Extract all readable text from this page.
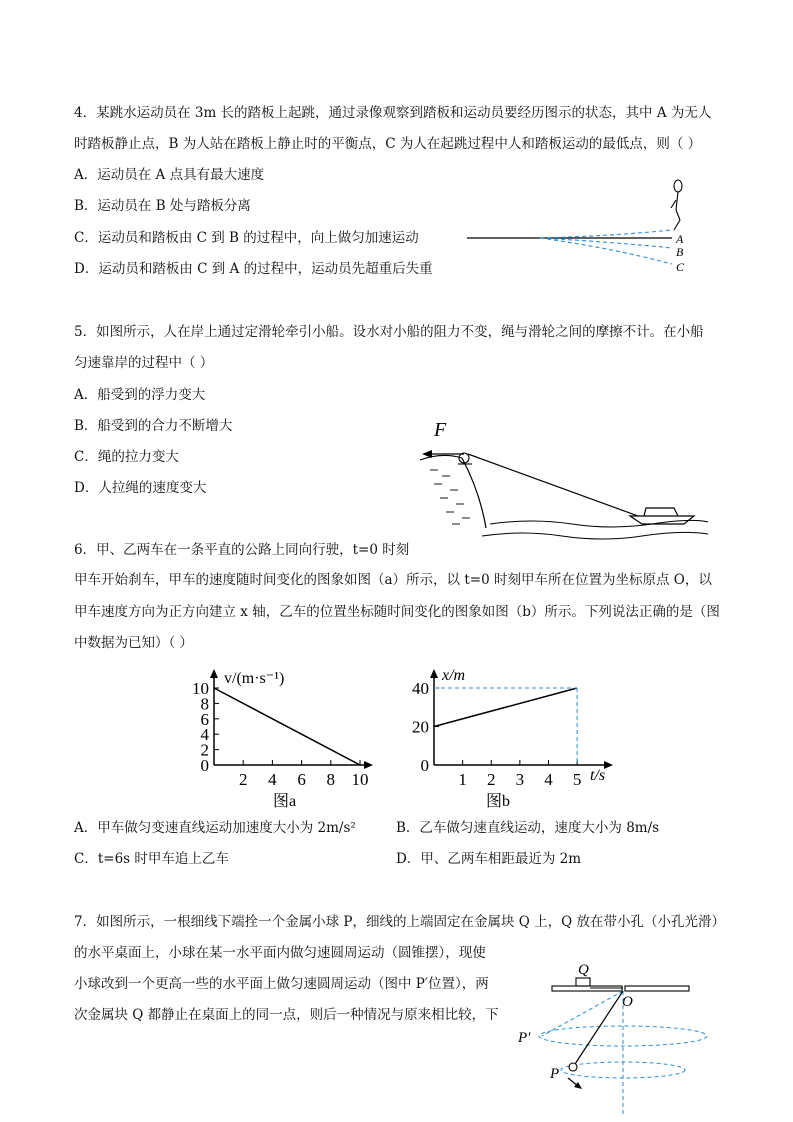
4．某跳水运动员在 3m 长的踏板上起跳，通过录像观察到踏板和运动员要经历图示的状态，其中 A 为无人
时踏板静止点，B 为人站在踏板上静止时的平衡点，C 为人在起跳过程中人和踏板运动的最低点，则（ ）
A．运动员在 A 点具有最大速度
B．运动员在 B 处与踏板分离
C．运动员和踏板由 C 到 B 的过程中，向上做匀加速运动
D．运动员和踏板由 C 到 A 的过程中，运动员先超重后失重
A
B
C
5．如图所示，人在岸上通过定滑轮牵引小船。设水对小船的阻力不变，绳与滑轮之间的摩擦不计。在小船
匀速靠岸的过程中（ ）
A．船受到的浮力变大
B．船受到的合力不断增大
C．绳的拉力变大
D．人拉绳的速度变大
F
6．甲、乙两车在一条平直的公路上同向行驶，t=0 时刻
甲车开始刹车，甲车的速度随时间变化的图象如图（a）所示，以 t=0 时刻甲车所在位置为坐标原点 O，以
甲车速度方向为正方向建立 x 轴，乙车的位置坐标随时间变化的图象如图（b）所示。下列说法正确的是（图
中数据为已知）（ ）
0
2
4
6
8
10
2 4 6 8 10
v/(m·s⁻¹)
图a
0
20
40
1 2 3 4 5
x/m
t/s
图b
A．甲车做匀变速直线运动加速度大小为 2m/s²	B．乙车做匀速直线运动，速度大小为 8m/s
C．t=6s 时甲车追上乙车	D．甲、乙两车相距最近为 2m
7．如图所示，一根细线下端拴一个金属小球 P，细线的上端固定在金属块 Q 上，Q 放在带小孔（小孔光滑）
的水平桌面上，小球在某一水平面内做匀速圆周运动（圆锥摆），现使
小球改到一个更高一些的水平面上做匀速圆周运动（图中 P′位置），两
次金属块 Q 都静止在桌面上的同一点，则后一种情况与原来相比较，下
Q
O
P′
P
